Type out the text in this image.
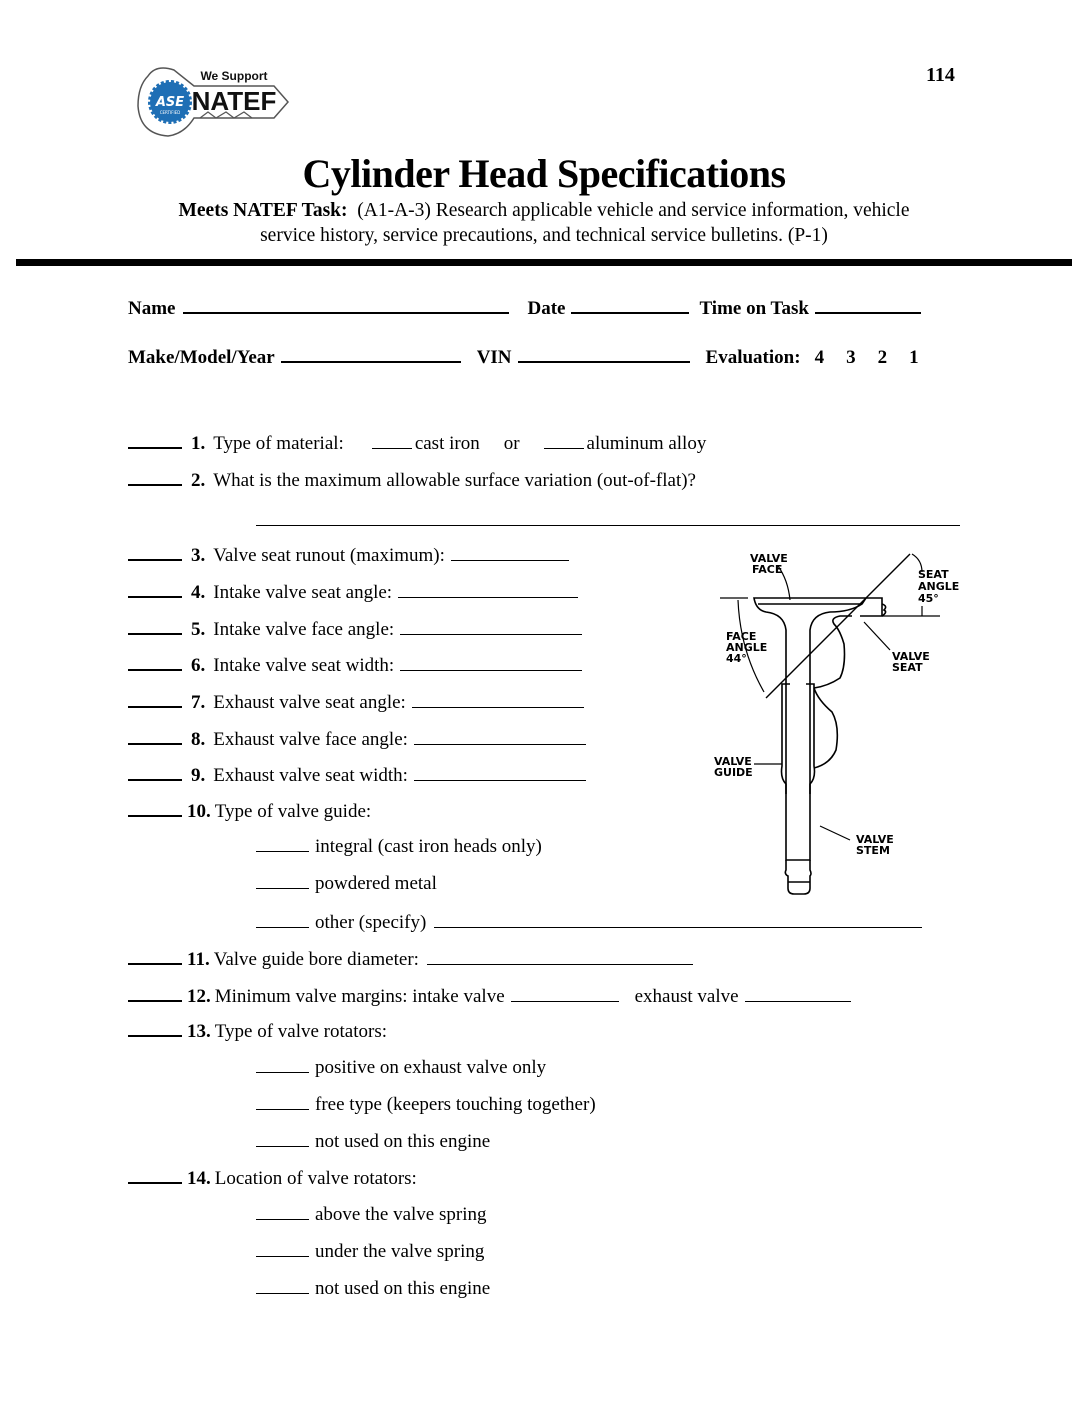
ASE
CERTIFIED
We Support
NATEF
114
Cylinder Head Specifications
Meets NATEF Task: (A1-A-3) Research applicable vehicle and service information, vehicle
service history, service precautions, and technical service bulletins. (P-1)
Name	Date	Time on Task
Make/Model/Year	VIN	Evaluation: 4 3 2 1
1. Type of material:	cast iron or	aluminum alloy
2. What is the maximum allowable surface variation (out-of-flat)?
3. Valve seat runout (maximum):
4. Intake valve seat angle:
5. Intake valve face angle:
6. Intake valve seat width:
7. Exhaust valve seat angle:
8. Exhaust valve face angle:
9. Exhaust valve seat width:
10. Type of valve guide:
integral (cast iron heads only)
powdered metal
other (specify)
11. Valve guide bore diameter:
12. Minimum valve margins: intake valve	exhaust valve
13. Type of valve rotators:
positive on exhaust valve only
free type (keepers touching together)
not used on this engine
14. Location of valve rotators:
above the valve spring
under the valve spring
not used on this engine
VALVE
FACE	SEAT
ANGLE
45°
FACE
ANGLE
44°	VALVE
SEAT
VALVE
GUIDE
VALVE
STEM
